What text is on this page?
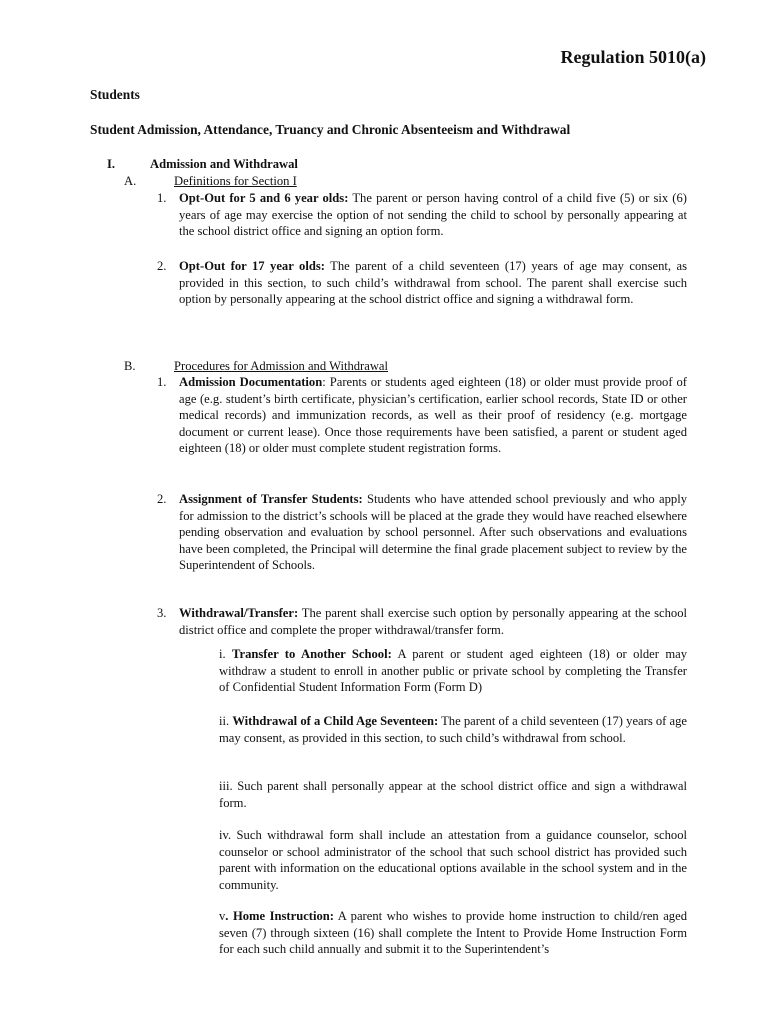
Regulation 5010(a)
Students
Student Admission, Attendance, Truancy and Chronic Absenteeism and Withdrawal
I.	Admission and Withdrawal
A.	Definitions for Section I
1. Opt-Out for 5 and 6 year olds: The parent or person having control of a child five (5) or six (6) years of age may exercise the option of not sending the child to school by personally appearing at the school district office and signing an option form.
2. Opt-Out for 17 year olds: The parent of a child seventeen (17) years of age may consent, as provided in this section, to such child’s withdrawal from school. The parent shall exercise such option by personally appearing at the school district office and signing a withdrawal form.
B.	Procedures for Admission and Withdrawal
1. Admission Documentation: Parents or students aged eighteen (18) or older must provide proof of age (e.g. student’s birth certificate, physician’s certification, earlier school records, State ID or other medical records) and immunization records, as well as their proof of residency (e.g. mortgage document or current lease). Once those requirements have been satisfied, a parent or student aged eighteen (18) or older must complete student registration forms.
2. Assignment of Transfer Students: Students who have attended school previously and who apply for admission to the district’s schools will be placed at the grade they would have reached elsewhere pending observation and evaluation by school personnel. After such observations and evaluations have been completed, the Principal will determine the final grade placement subject to review by the Superintendent of Schools.
3. Withdrawal/Transfer: The parent shall exercise such option by personally appearing at the school district office and complete the proper withdrawal/transfer form.
i. Transfer to Another School: A parent or student aged eighteen (18) or older may withdraw a student to enroll in another public or private school by completing the Transfer of Confidential Student Information Form (Form D)
ii. Withdrawal of a Child Age Seventeen: The parent of a child seventeen (17) years of age may consent, as provided in this section, to such child’s withdrawal from school.
iii. Such parent shall personally appear at the school district office and sign a withdrawal form.
iv. Such withdrawal form shall include an attestation from a guidance counselor, school counselor or school administrator of the school that such school district has provided such parent with information on the educational options available in the school system and in the community.
v. Home Instruction: A parent who wishes to provide home instruction to child/ren aged seven (7) through sixteen (16) shall complete the Intent to Provide Home Instruction Form for each such child annually and submit it to the Superintendent’s
